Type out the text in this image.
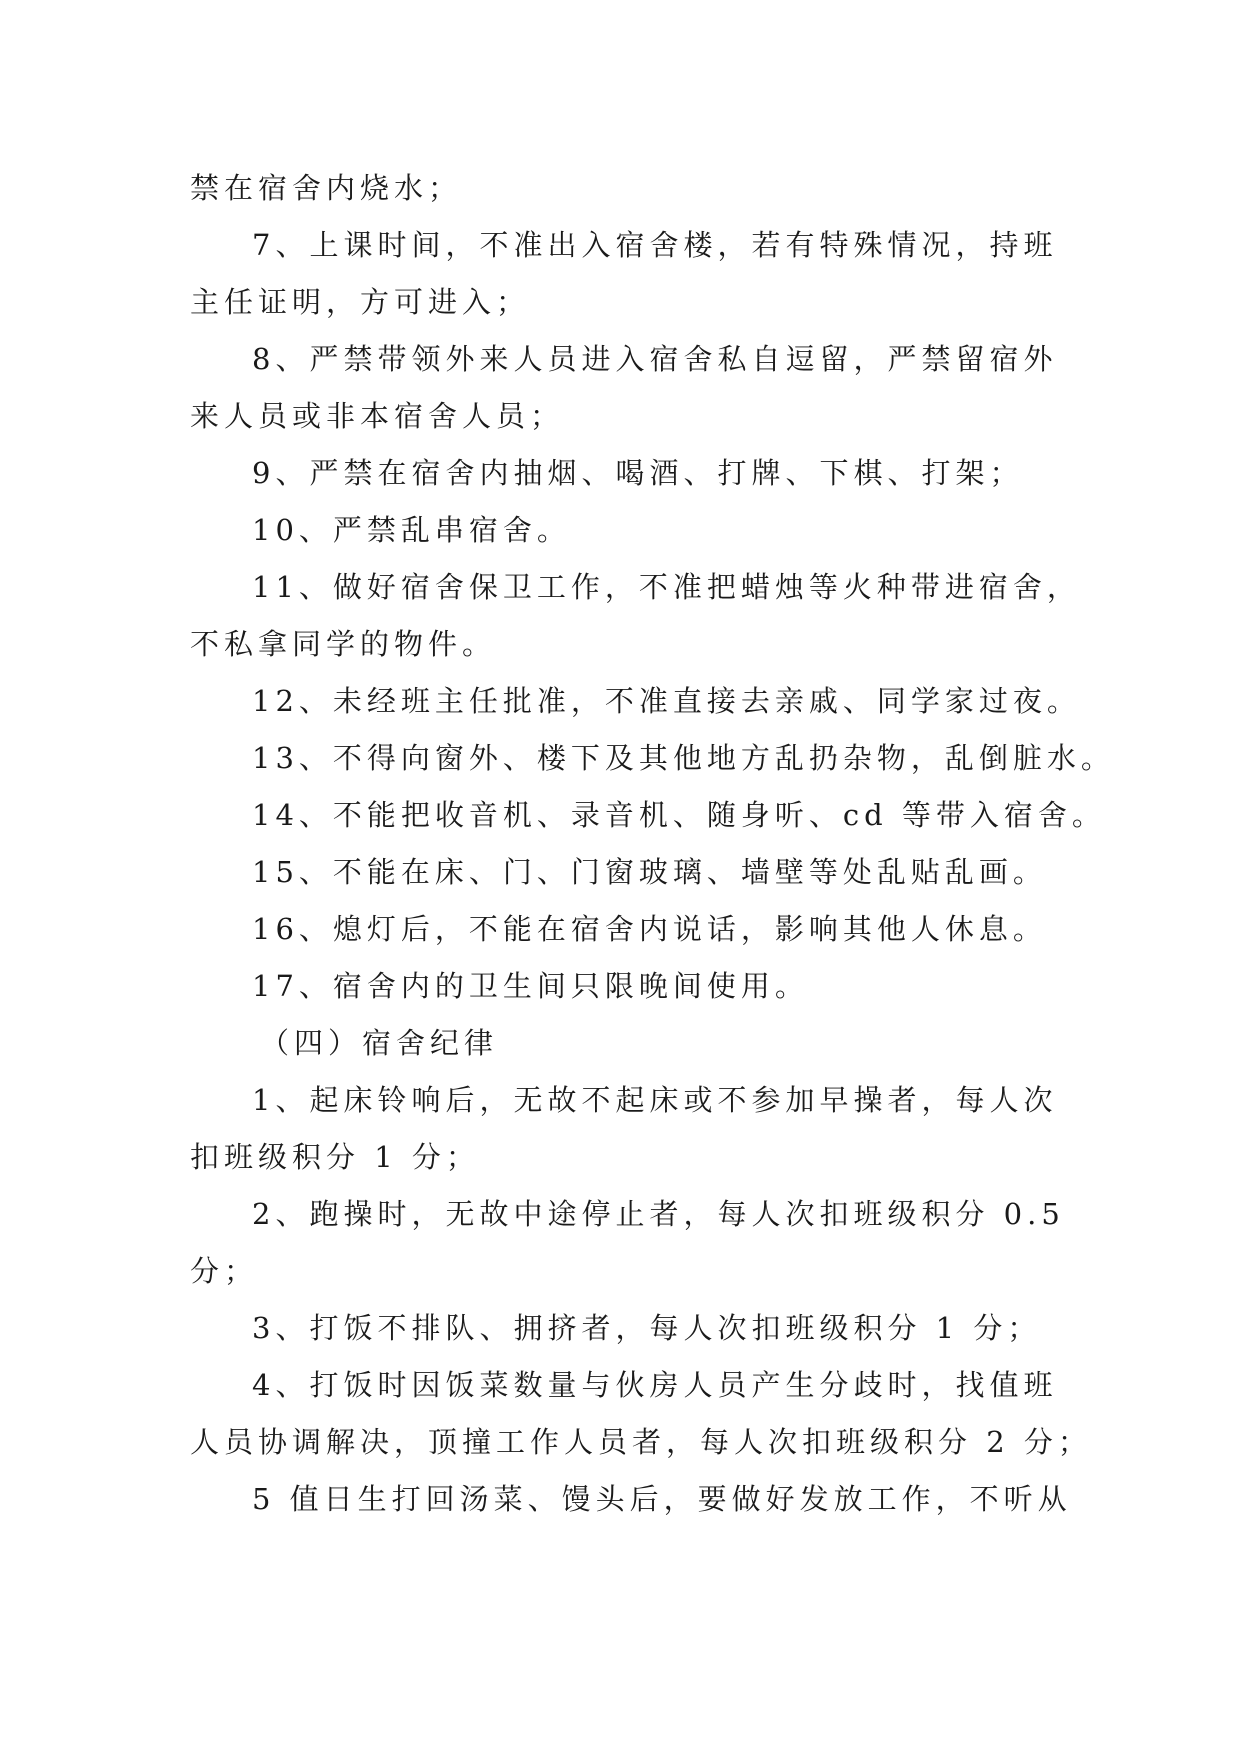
禁在宿舍内烧水；
7、上课时间，不准出入宿舍楼，若有特殊情况，持班
主任证明，方可进入；
8、严禁带领外来人员进入宿舍私自逗留，严禁留宿外
来人员或非本宿舍人员；
9、严禁在宿舍内抽烟、喝酒、打牌、下棋、打架；
10、严禁乱串宿舍。
11、做好宿舍保卫工作，不准把蜡烛等火种带进宿舍，
不私拿同学的物件。
12、未经班主任批准，不准直接去亲戚、同学家过夜。
13、不得向窗外、楼下及其他地方乱扔杂物，乱倒脏水。
14、不能把收音机、录音机、随身听、cd 等带入宿舍。
15、不能在床、门、门窗玻璃、墙壁等处乱贴乱画。
16、熄灯后，不能在宿舍内说话，影响其他人休息。
17、宿舍内的卫生间只限晚间使用。
（四）宿舍纪律
1、起床铃响后，无故不起床或不参加早操者，每人次
扣班级积分 1 分；
2、跑操时，无故中途停止者，每人次扣班级积分 0.5
分；
3、打饭不排队、拥挤者，每人次扣班级积分 1 分；
4、打饭时因饭菜数量与伙房人员产生分歧时，找值班
人员协调解决，顶撞工作人员者，每人次扣班级积分 2 分；
5 值日生打回汤菜、馒头后，要做好发放工作，不听从
